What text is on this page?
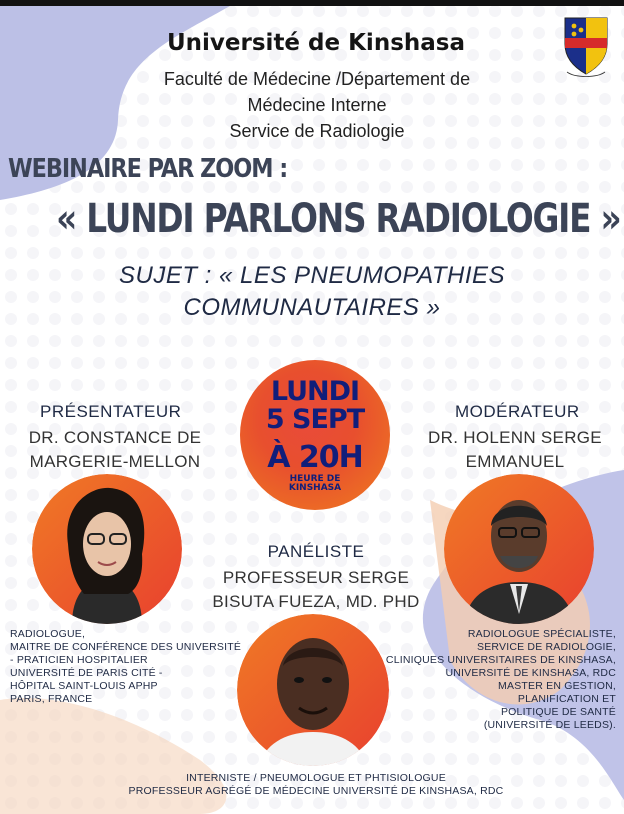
Université de Kinshasa
Faculté de Médecine /Département de
Médecine Interne
Service de Radiologie
WEBINAIRE PAR ZOOM :
« LUNDI PARLONS RADIOLOGIE »
SUJET : « LES PNEUMOPATHIES
COMMUNAUTAIRES »
LUNDI
5 SEPT
À 20H
HEURE DE
KINSHASA
PRÉSENTATEUR
DR. CONSTANCE DE
MARGERIE-MELLON
RADIOLOGUE,
MAITRE DE CONFÉRENCE DES UNIVERSITÉ
- PRATICIEN HOSPITALIER
UNIVERSITÉ DE PARIS CITÉ -
HÔPITAL SAINT-LOUIS APHP
PARIS, FRANCE
MODÉRATEUR
DR. HOLENN SERGE
EMMANUEL
RADIOLOGUE SPÉCIALISTE,
SERVICE DE RADIOLOGIE,
CLINIQUES UNIVERSITAIRES DE KINSHASA,
UNIVERSITÉ DE KINSHASA, RDC
MASTER EN GESTION,
PLANIFICATION ET
POLITIQUE DE SANTÉ
(UNIVERSITÉ DE LEEDS).
PANÉLISTE
PROFESSEUR SERGE
BISUTA FUEZA, MD. PHD
INTERNISTE / PNEUMOLOGUE ET PHTISIOLOGUE
PROFESSEUR AGRÉGÉ DE MÉDECINE UNIVERSITÉ DE KINSHASA, RDC
